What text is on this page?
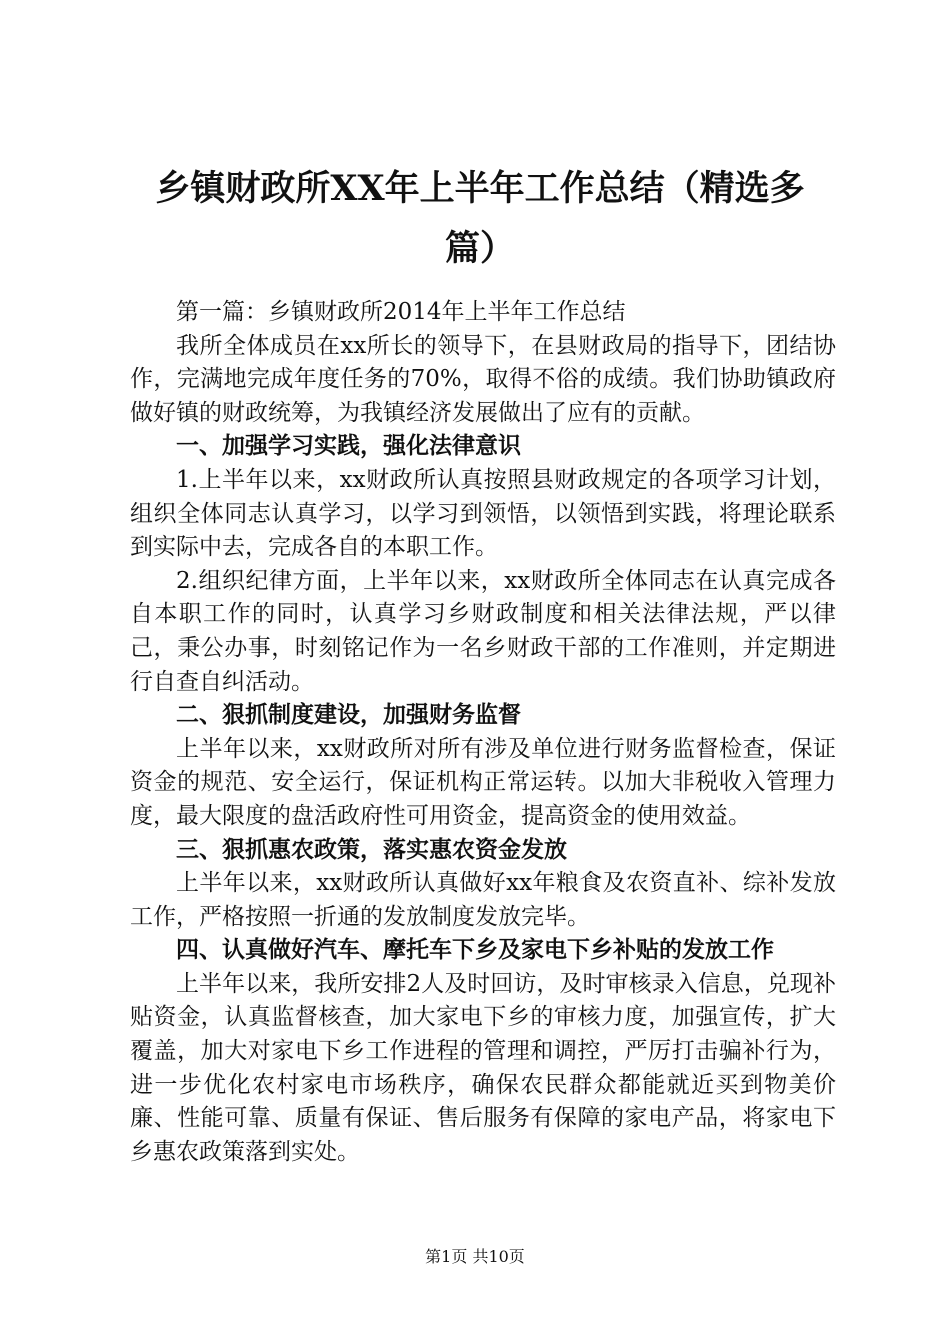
乡镇财政所XX年上半年工作总结（精选多
篇）

第一篇：乡镇财政所2014年上半年工作总结

我所全体成员在xx所长的领导下，在县财政局的指导下，团结协作，完满地完成年度任务的70%，取得不俗的成绩。我们协助镇政府做好镇的财政统筹，为我镇经济发展做出了应有的贡献。

一、加强学习实践，强化法律意识

1.上半年以来，xx财政所认真按照县财政规定的各项学习计划，组织全体同志认真学习，以学习到领悟，以领悟到实践，将理论联系到实际中去，完成各自的本职工作。

2.组织纪律方面，上半年以来，xx财政所全体同志在认真完成各自本职工作的同时，认真学习乡财政制度和相关法律法规，严以律己，秉公办事，时刻铭记作为一名乡财政干部的工作准则，并定期进行自查自纠活动。

二、狠抓制度建设，加强财务监督

上半年以来，xx财政所对所有涉及单位进行财务监督检查，保证资金的规范、安全运行，保证机构正常运转。以加大非税收入管理力度，最大限度的盘活政府性可用资金，提高资金的使用效益。

三、狠抓惠农政策，落实惠农资金发放

上半年以来，xx财政所认真做好xx年粮食及农资直补、综补发放工作，严格按照一折通的发放制度发放完毕。

四、认真做好汽车、摩托车下乡及家电下乡补贴的发放工作

上半年以来，我所安排2人及时回访，及时审核录入信息，兑现补贴资金，认真监督核查，加大家电下乡的审核力度，加强宣传，扩大覆盖，加大对家电下乡工作进程的管理和调控，严厉打击骗补行为，进一步优化农村家电市场秩序，确保农民群众都能就近买到物美价廉、性能可靠、质量有保证、售后服务有保障的家电产品，将家电下乡惠农政策落到实处。

第1页 共10页
